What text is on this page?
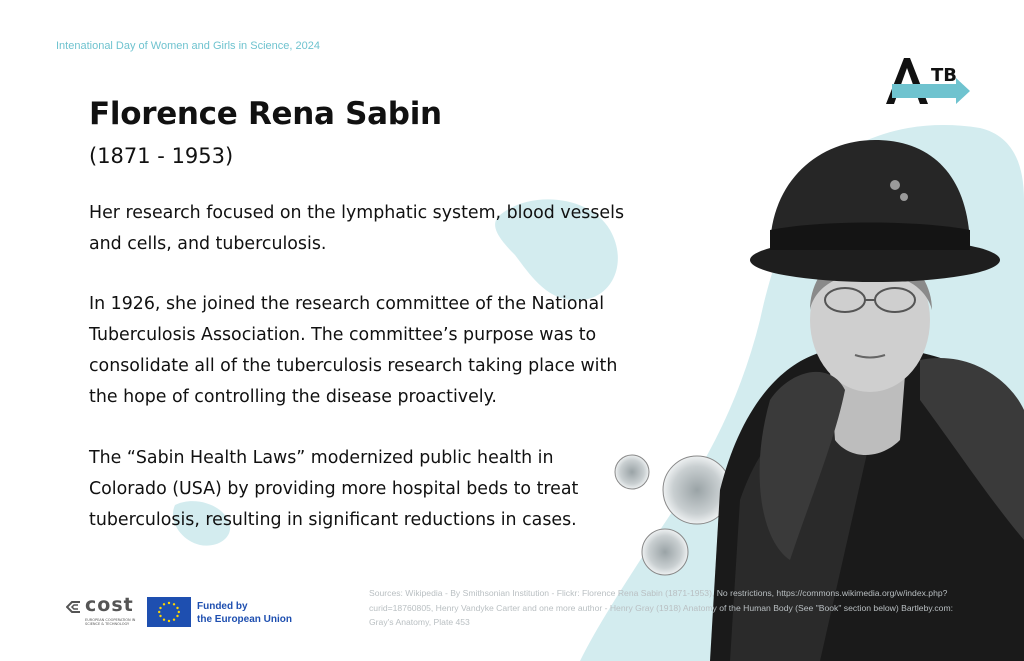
Intenational Day of Women and Girls in Science, 2024
TB
Florence Rena Sabin
(1871 - 1953)
Her research focused on the lymphatic system, blood vessels and cells, and tuberculosis.
In 1926, she joined the research committee of the National Tuberculosis Association. The committee’s purpose was to consolidate all of the tuberculosis research taking place with the hope of controlling the disease proactively.
The “Sabin Health Laws” modernized public health in Colorado (USA) by providing more hospital beds to treat tuberculosis, resulting in significant reductions in cases.
cost
EUROPEAN COOPERATION IN SCIENCE & TECHNOLOGY
Funded by
the European Union
Sources: Wikipedia - By Smithsonian Institution - Flickr: Florence Rena Sabin (1871-1953), No restrictions, https://commons.wikimedia.org/w/index.php?curid=18760805, Henry Vandyke Carter and one more author - Henry Gray (1918) Anatomy of the Human Body (See "Book" section below) Bartleby.com: Gray's Anatomy, Plate 453
